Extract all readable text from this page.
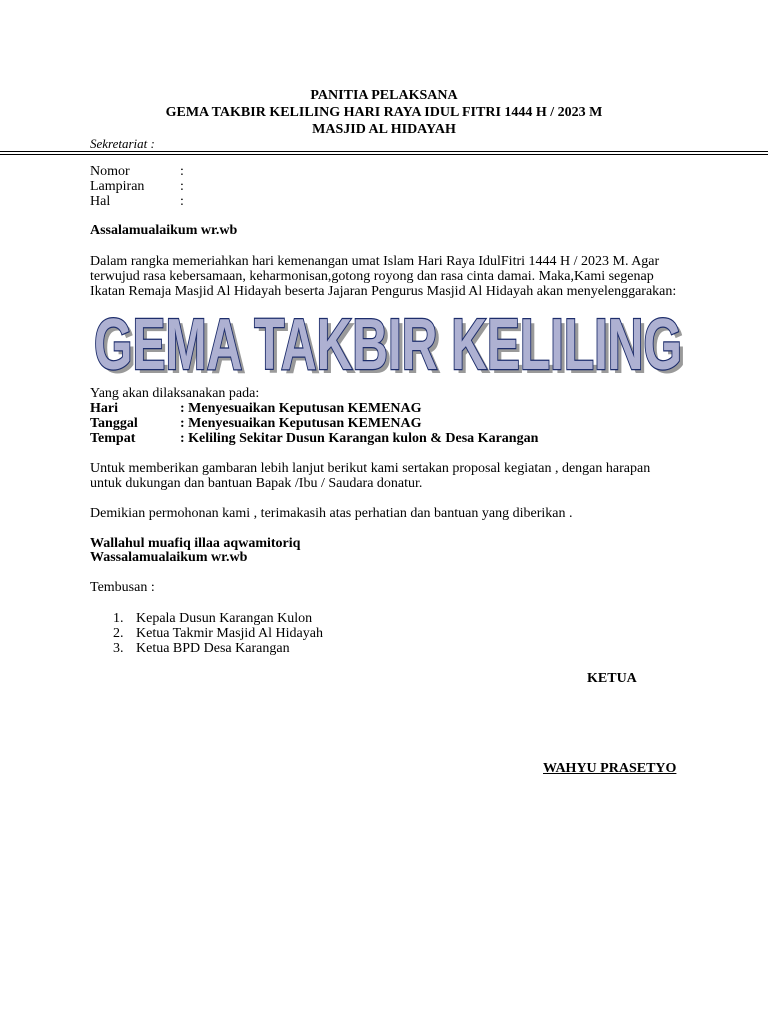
PANITIA PELAKSANA
GEMA TAKBIR KELILING HARI RAYA IDUL FITRI 1444 H / 2023 M
MASJID AL HIDAYAH
Sekretariat :
Nomor	:
Lampiran	:
Hal	:
Assalamualaikum wr.wb
Dalam rangka memeriahkan hari kemenangan umat Islam Hari Raya IdulFitri 1444 H / 2023 M. Agar
terwujud rasa kebersamaan, keharmonisan,gotong royong dan rasa cinta damai. Maka,Kami segenap
Ikatan Remaja Masjid Al Hidayah beserta Jajaran Pengurus Masjid Al Hidayah akan menyelenggarakan:
GEMA TAKBIR KELILING
GEMA TAKBIR KELILING
Yang akan dilaksanakan pada:
Hari	: Menyesuaikan Keputusan KEMENAG
Tanggal	: Menyesuaikan Keputusan KEMENAG
Tempat	: Keliling Sekitar Dusun Karangan kulon & Desa Karangan
Untuk memberikan gambaran lebih lanjut berikut kami sertakan proposal kegiatan , dengan harapan
untuk dukungan dan bantuan Bapak /Ibu / Saudara donatur.
Demikian permohonan kami , terimakasih atas perhatian dan bantuan yang diberikan .
Wallahul muafiq illaa aqwamitoriq
Wassalamualaikum wr.wb
Tembusan :
1. Kepala Dusun Karangan Kulon
2. Ketua Takmir Masjid Al Hidayah
3. Ketua BPD Desa Karangan
KETUA
WAHYU PRASETYO
